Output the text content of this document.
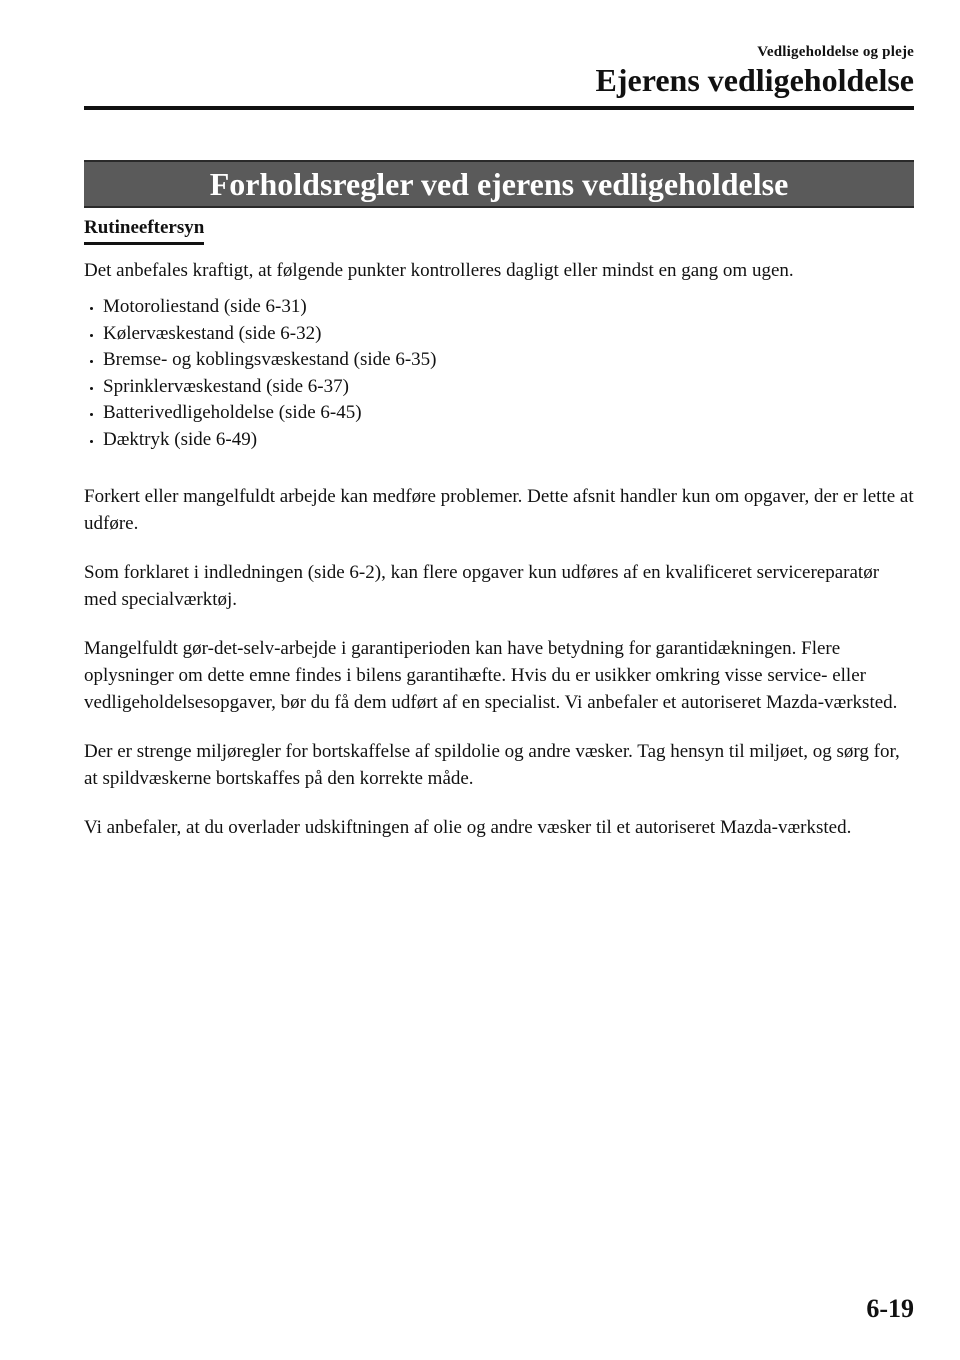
Vedligeholdelse og pleje
Ejerens vedligeholdelse
Forholdsregler ved ejerens vedligeholdelse
Rutineeftersyn

Det anbefales kraftigt, at følgende punkter kontrolleres dagligt eller mindst en gang om ugen.

Motoroliestand (side 6-31)
Kølervæskestand (side 6-32)
Bremse- og koblingsvæskestand (side 6-35)
Sprinklervæskestand (side 6-37)
Batterivedligeholdelse (side 6-45)
Dæktryk (side 6-49)

Forkert eller mangelfuldt arbejde kan medføre problemer. Dette afsnit handler kun om opgaver, der er lette at udføre.

Som forklaret i indledningen (side 6-2), kan flere opgaver kun udføres af en kvalificeret servicereparatør med specialværktøj.

Mangelfuldt gør-det-selv-arbejde i garantiperioden kan have betydning for garantidækningen. Flere oplysninger om dette emne findes i bilens garantihæfte. Hvis du er usikker omkring visse service- eller vedligeholdelsesopgaver, bør du få dem udført af en specialist. Vi anbefaler et autoriseret Mazda-værksted.

Der er strenge miljøregler for bortskaffelse af spildolie og andre væsker. Tag hensyn til miljøet, og sørg for, at spildvæskerne bortskaffes på den korrekte måde.

Vi anbefaler, at du overlader udskiftningen af olie og andre væsker til et autoriseret Mazda-værksted.

6-19
